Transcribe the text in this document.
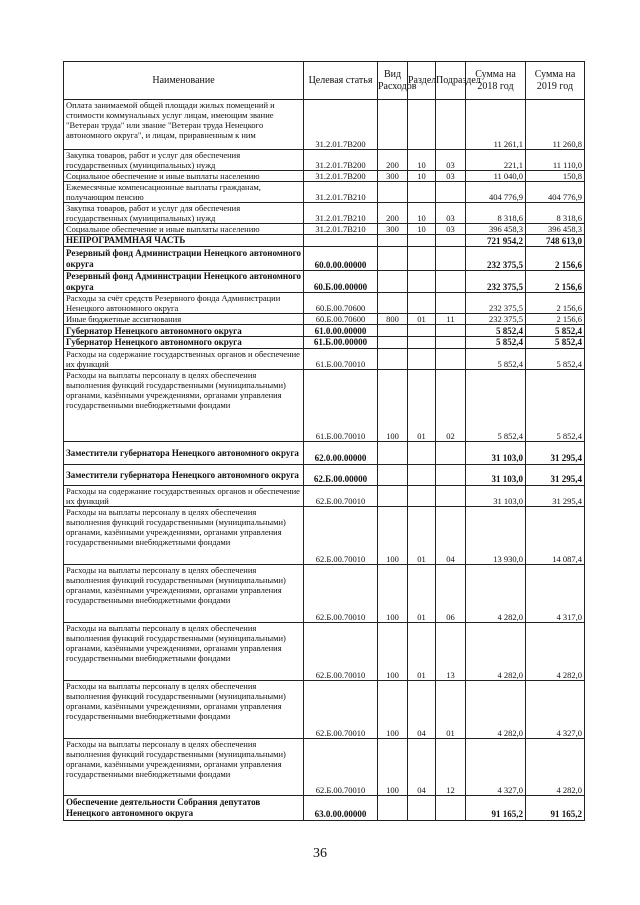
Наименование	Целевая статья	Вид Расходов	Раздел	Подраздел	Сумма на 2018 год	Сумма на 2019 год
Оплата занимаемой общей площади жилых помещений и стоимости коммунальных услуг лицам, имеющим звание "Ветеран труда" или звание "Ветеран труда Ненецкого автономного округа", и лицам, приравненным к ним	31.2.01.7В200				11 261,1	11 260,8
Закупка товаров, работ и услуг для обеспечения государственных (муниципальных) нужд	31.2.01.7В200	200	10	03	221,1	11 110,0
Социальное обеспечение и иные выплаты населению	31.2.01.7В200	300	10	03	11 040,0	150,8
Ежемесячные компенсационные выплаты гражданам, получающим пенсию	31.2.01.7В210				404 776,9	404 776,9
Закупка товаров, работ и услуг для обеспечения государственных (муниципальных) нужд	31.2.01.7В210	200	10	03	8 318,6	8 318,6
Социальное обеспечение и иные выплаты населению	31.2.01.7В210	300	10	03	396 458,3	396 458,3
НЕПРОГРАММНАЯ ЧАСТЬ					721 954,2	748 613,0
Резервный фонд Администрации Ненецкого автономного округа	60.0.00.00000				232 375,5	2 156,6
Резервный фонд Администрации Ненецкого автономного округа	60.Б.00.00000				232 375,5	2 156,6
Расходы за счёт средств Резервного фонда Администрации Ненецкого автономного округа	60.Б.00.70600				232 375,5	2 156,6
Иные бюджетные ассигнования	60.Б.00.70600	800	01	11	232 375,5	2 156,6
Губернатор Ненецкого автономного округа	61.0.00.00000				5 852,4	5 852,4
Губернатор Ненецкого автономного округа	61.Б.00.00000				5 852,4	5 852,4
Расходы на содержание государственных органов и обеспечение их функций	61.Б.00.70010				5 852,4	5 852,4
Расходы на выплаты персоналу в целях обеспечения выполнения функций государственными (муниципальными) органами, казёнными учреждениями, органами управления государственными внебюджетными фондами	61.Б.00.70010	100	01	02	5 852,4	5 852,4
Заместители губернатора Ненецкого автономного округа	62.0.00.00000				31 103,0	31 295,4
Заместители губернатора Ненецкого автономного округа	62.Б.00.00000				31 103,0	31 295,4
Расходы на содержание государственных органов и обеспечение их функций	62.Б.00.70010				31 103,0	31 295,4
Расходы на выплаты персоналу в целях обеспечения выполнения функций государственными (муниципальными) органами, казёнными учреждениями, органами управления государственными внебюджетными фондами	62.Б.00.70010	100	01	04	13 930,0	14 087,4
Расходы на выплаты персоналу в целях обеспечения выполнения функций государственными (муниципальными) органами, казёнными учреждениями, органами управления государственными внебюджетными фондами	62.Б.00.70010	100	01	06	4 282,0	4 317,0
Расходы на выплаты персоналу в целях обеспечения выполнения функций государственными (муниципальными) органами, казёнными учреждениями, органами управления государственными внебюджетными фондами	62.Б.00.70010	100	01	13	4 282,0	4 282,0
Расходы на выплаты персоналу в целях обеспечения выполнения функций государственными (муниципальными) органами, казёнными учреждениями, органами управления государственными внебюджетными фондами	62.Б.00.70010	100	04	01	4 282,0	4 327,0
Расходы на выплаты персоналу в целях обеспечения выполнения функций государственными (муниципальными) органами, казёнными учреждениями, органами управления государственными внебюджетными фондами	62.Б.00.70010	100	04	12	4 327,0	4 282,0
Обеспечение деятельности Собрания депутатов Ненецкого автономного округа	63.0.00.00000				91 165,2	91 165,2
36
